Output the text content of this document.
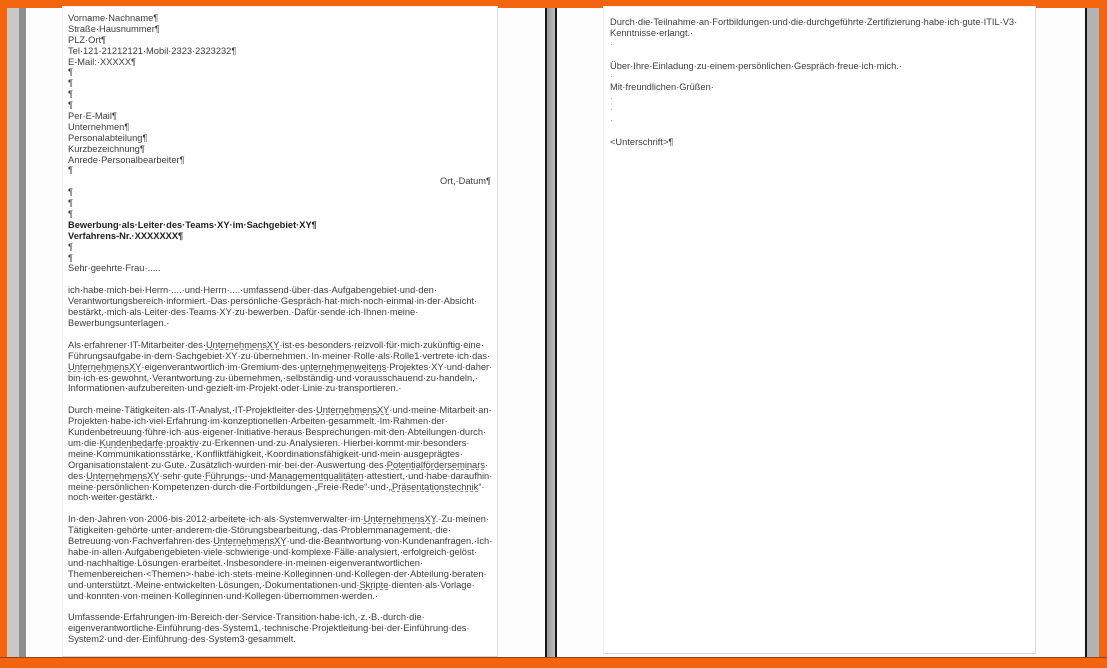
Vorname·​Nachname¶
Straße·​Hausnummer¶
PLZ·​Ort¶
Tel·​121·​21212121·​Mobil·​2323·​2323232¶
E-Mail:·​XXXXX¶
¶
¶
¶
¶
Per·​E-Mail¶
Unternehmen¶
Personalabteilung¶
Kurzbezeichnung¶
Anrede·​Personalbearbeiter¶
¶
Ort,·​Datum¶
¶
¶
¶
Bewerbung·​als·​Leiter·​des·​Teams·​XY·​im·​Sachgebiet·​XY¶
Verfahrens-Nr.·​XXXXXXX¶
¶
¶
Sehr·​geehrte·​Frau·​.....
ich·​habe·​mich·​bei·​Herrn·​....·​und·​Herrn·​....·​umfassend·​über·​das·​Aufgabengebiet·​und·​den·​Verantwortungsbereich·​informiert.·​Das·​persönliche·​Gespräch·​hat·​mich·​noch·​einmal·​in·​der·​Absicht·​bestärkt,·​mich·​als·​Leiter·​des·​Teams·​XY·​zu·​bewerben.·​Dafür·​sende·​ich·​Ihnen·​meine·​Bewerbungsunterlagen.·​
Als·​erfahrener·​IT-Mitarbeiter·​des·​UnternehmensXY·​ist·​es·​besonders·​reizvoll·​für·​mich·​zukünftig·​eine·​Führungsaufgabe·​in·​dem·​Sachgebiet·​XY·​zu·​übernehmen.·​In·​meiner·​Rolle·​als·​Rolle1·​vertrete·​ich·​das·​UnternehmensXY·​eigenverantwortlich·​im·​Gremium·​des·​unternehmenweitens·​Projektes·​XY·​und·​daher·​bin·​ich·​es·​gewohnt,·​Verantwortung·​zu·​übernehmen,·​selbständig·​und·​vorausschauend·​zu·​handeln,·​Informationen·​aufzubereiten·​und·​gezielt·​im·​Projekt·​oder·​Linie·​zu·​transportieren.·​
Durch·​meine·​Tätigkeiten·​als·​IT-Analyst,·​IT-Projektleiter·​des·​UnternehmensXY·​und·​meine·​Mitarbeit·​an·​Projekten·​habe·​ich·​viel·​Erfahrung·​im·​konzeptionellen·​Arbeiten·​gesammelt.·​Im·​Rahmen·​der·​Kundenbetreuung·​führe·​ich·​aus·​eigener·​Initiative·​heraus·​Besprechungen·​mit·​den·​Abteilungen·​durch·​um·​die·​Kundenbedarfe·​proaktiv·​zu·​Erkennen·​und·​zu·​Analysieren.·​Hierbei·​kommt·​mir·​besonders·​meine·​Kommunikationsstärke,·​Konfliktfähigkeit,·​Koordinationsfähigkeit·​und·​mein·​ausgeprägtes·​Organisationstalent·​zu·​Gute.·​Zusätzlich·​wurden·​mir·​bei·​der·​Auswertung·​des·​Potentialförderseminars·​des·​UnternehmensXY·​sehr·​gute·​Führungs-·​und·​Managementqualitäten·​attestiert,·​und·​habe·​daraufhin·​meine·​persönlichen·​Kompetenzen·​durch·​die·​Fortbildungen·​„Freie·​Rede“·​und·​„Präsentationstechnik“·​noch·​weiter·​gestärkt.·​
In·​den·​Jahren·​von·​2006·​bis·​2012·​arbeitete·​ich·​als·​Systemverwalter·​im·​UnternehmensXY.·​Zu·​meinen·​Tätigkeiten·​gehörte·​unter·​anderem·​die·​Störungsbearbeitung,·​das·​Problemmanagement,·​die·​Betreuung·​von·​Fachverfahren·​des·​UnternehmensXY·​und·​die·​Beantwortung·​von·​Kundenanfragen.·​Ich·​habe·​in·​allen·​Aufgabengebieten·​viele·​schwierige·​und·​komplexe·​Fälle·​analysiert,·​erfolgreich·​gelöst·​und·​nachhaltige·​Lösungen·​erarbeitet.·​Insbesondere·​in·​meinen·​eigenverantwortlichen·​Themenbereichen·​<Themen>·​habe·​ich·​stets·​meine·​Kolleginnen·​und·​Kollegen·​der·​Abteilung·​beraten·​und·​unterstützt.·​Meine·​entwickelten·​Lösungen,·​Dokumentationen·​und·​Skripte·​dienten·​als·​Vorlage·​und·​konnten·​von·​meinen·​Kolleginnen·​und·​Kollegen·​übernommen·​werden.·​
Umfassende·​Erfahrungen·​im·​Bereich·​der·​Service·​Transition·​habe·​ich,·​z.·​B.·​durch·​die·​eigenverantwortliche·​Einführung·​des·​System1,·​technische·​Projektleitung·​bei·​der·​Einführung·​des·​System2·​und·​der·​Einführung·​des·​System3·​gesammelt.
Durch·​die·​Teilnahme·​an·​Fortbildungen·​und·​die·​durchgeführte·​Zertifizierung·​habe·​ich·​gute·​ITIL·​V3·​Kenntnisse·​erlangt.·​
·
Über·​Ihre·​Einladung·​zu·​einem·​persönlichen·​Gespräch·​freue·​ich·​mich.·​
·
Mit·​freundlichen·​Grüßen·​
·
·
·
<Unterschrift>¶
